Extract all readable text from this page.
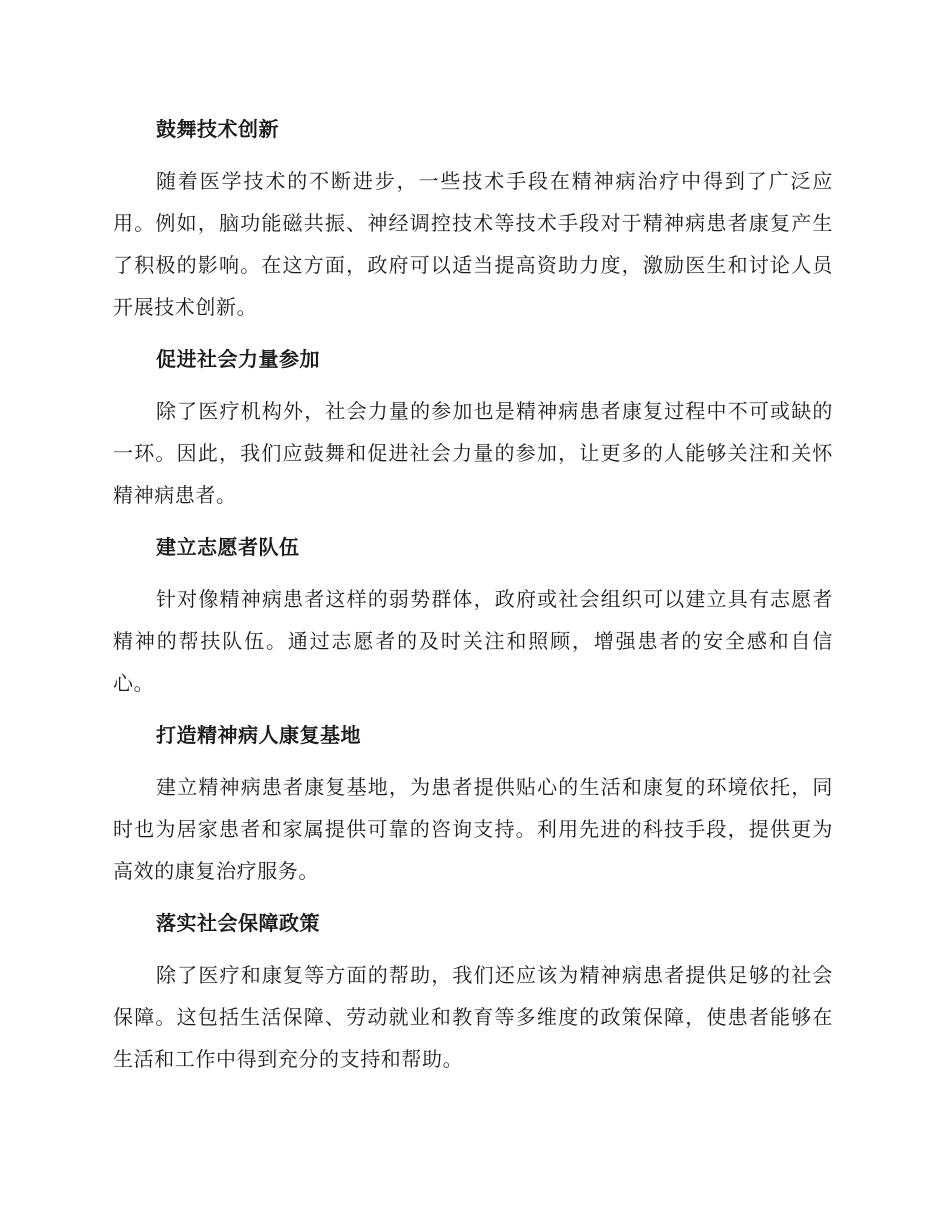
鼓舞技术创新

随着医学技术的不断进步，一些技术手段在精神病治疗中得到了广泛应用。例如，脑功能磁共振、神经调控技术等技术手段对于精神病患者康复产生了积极的影响。在这方面，政府可以适当提高资助力度，激励医生和讨论人员开展技术创新。

促进社会力量参加

除了医疗机构外，社会力量的参加也是精神病患者康复过程中不可或缺的一环。因此，我们应鼓舞和促进社会力量的参加，让更多的人能够关注和关怀精神病患者。

建立志愿者队伍

针对像精神病患者这样的弱势群体，政府或社会组织可以建立具有志愿者精神的帮扶队伍。通过志愿者的及时关注和照顾，增强患者的安全感和自信心。

打造精神病人康复基地

建立精神病患者康复基地，为患者提供贴心的生活和康复的环境依托，同时也为居家患者和家属提供可靠的咨询支持。利用先进的科技手段，提供更为高效的康复治疗服务。

落实社会保障政策

除了医疗和康复等方面的帮助，我们还应该为精神病患者提供足够的社会保障。这包括生活保障、劳动就业和教育等多维度的政策保障，使患者能够在生活和工作中得到充分的支持和帮助。
